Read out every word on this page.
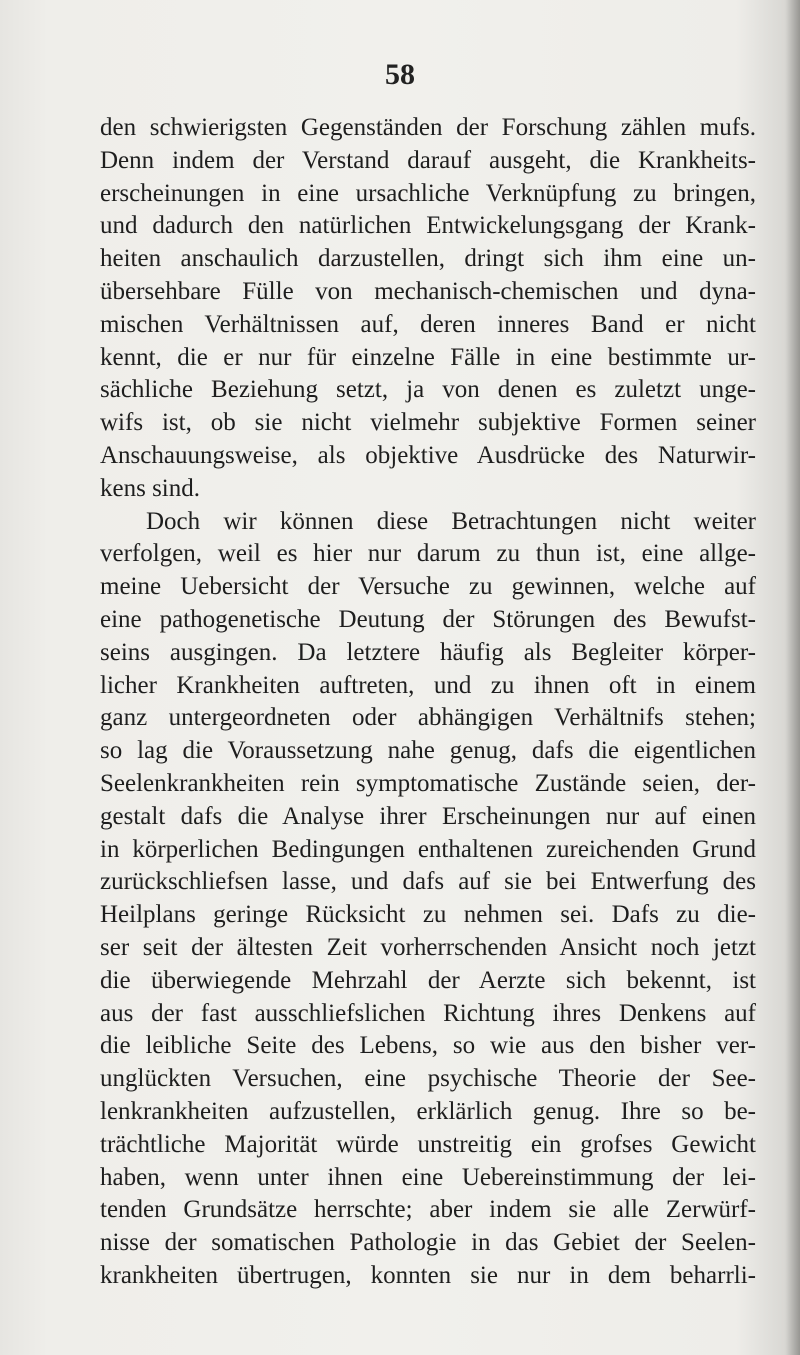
58
den schwierigsten Gegenständen der Forschung zählen mufs.
Denn indem der Verstand darauf ausgeht, die Krankheits-
erscheinungen in eine ursachliche Verknüpfung zu bringen,
und dadurch den natürlichen Entwickelungsgang der Krank-
heiten anschaulich darzustellen, dringt sich ihm eine un-
übersehbare Fülle von mechanisch-chemischen und dyna-
mischen Verhältnissen auf, deren inneres Band er nicht
kennt, die er nur für einzelne Fälle in eine bestimmte ur-
sächliche Beziehung setzt, ja von denen es zuletzt unge-
wifs ist, ob sie nicht vielmehr subjektive Formen seiner
Anschauungsweise, als objektive Ausdrücke des Naturwir-
kens sind.
Doch wir können diese Betrachtungen nicht weiter
verfolgen, weil es hier nur darum zu thun ist, eine allge-
meine Uebersicht der Versuche zu gewinnen, welche auf
eine pathogenetische Deutung der Störungen des Bewufst-
seins ausgingen. Da letztere häufig als Begleiter körper-
licher Krankheiten auftreten, und zu ihnen oft in einem
ganz untergeordneten oder abhängigen Verhältnifs stehen;
so lag die Voraussetzung nahe genug, dafs die eigentlichen
Seelenkrankheiten rein symptomatische Zustände seien, der-
gestalt dafs die Analyse ihrer Erscheinungen nur auf einen
in körperlichen Bedingungen enthaltenen zureichenden Grund
zurückschliefsen lasse, und dafs auf sie bei Entwerfung des
Heilplans geringe Rücksicht zu nehmen sei. Dafs zu die-
ser seit der ältesten Zeit vorherrschenden Ansicht noch jetzt
die überwiegende Mehrzahl der Aerzte sich bekennt, ist
aus der fast ausschliefslichen Richtung ihres Denkens auf
die leibliche Seite des Lebens, so wie aus den bisher ver-
unglückten Versuchen, eine psychische Theorie der See-
lenkrankheiten aufzustellen, erklärlich genug. Ihre so be-
trächtliche Majorität würde unstreitig ein grofses Gewicht
haben, wenn unter ihnen eine Uebereinstimmung der lei-
tenden Grundsätze herrschte; aber indem sie alle Zerwürf-
nisse der somatischen Pathologie in das Gebiet der Seelen-
krankheiten übertrugen, konnten sie nur in dem beharrli-
